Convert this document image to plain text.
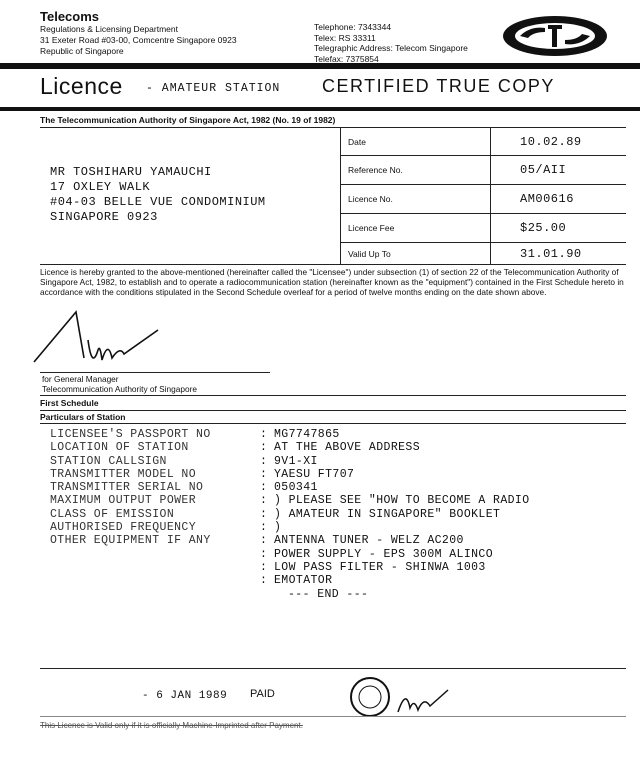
Telecoms
Regulations & Licensing Department
31 Exeter Road #03-00, Comcentre Singapore 0923
Republic of Singapore
Telephone: 7343344
Telex: RS 33311
Telegraphic Address: Telecom Singapore
Telefax: 7375854
Licence - AMATEUR STATION CERTIFIED TRUE COPY
The Telecommunication Authority of Singapore Act, 1982 (No. 19 of 1982)
MR TOSHIHARU YAMAUCHI
17 OXLEY WALK
#04-03 BELLE VUE CONDOMINIUM
SINGAPORE 0923
Date	10.02.89
Reference No.	05/AII
Licence No.	AM00616
Licence Fee	$25.00
Valid Up To	31.01.90
Licence is hereby granted to the above-mentioned (hereinafter called the "Licensee") under subsection (1) of section 22 of the Telecommunication Authority of Singapore Act, 1982, to establish and to operate a radiocommunication station (hereinafter known as the "equipment") contained in the First Schedule hereto in accordance with the conditions stipulated in the Second Schedule overleaf for a period of twelve months ending on the date shown above.
for General Manager
Telecommunication Authority of Singapore
First Schedule
Particulars of Station
LICENSEE'S PASSPORT NO	: MG7747865
LOCATION OF STATION	: AT THE ABOVE ADDRESS
STATION CALLSIGN	: 9V1-XI
TRANSMITTER MODEL NO	: YAESU FT707
TRANSMITTER SERIAL NO	: 050341
MAXIMUM OUTPUT POWER	: ) PLEASE SEE "HOW TO BECOME A RADIO
CLASS OF EMISSION	: ) AMATEUR IN SINGAPORE" BOOKLET
AUTHORISED FREQUENCY	: )
OTHER EQUIPMENT IF ANY	: ANTENNA TUNER - WELZ AC200
: POWER SUPPLY - EPS 300M ALINCO
: LOW PASS FILTER - SHINWA 1003
: EMOTATOR
--- END ---
- 6 JAN 1989 PAID
This Licence is Valid only if it is officially Machine-Imprinted after Payment.
